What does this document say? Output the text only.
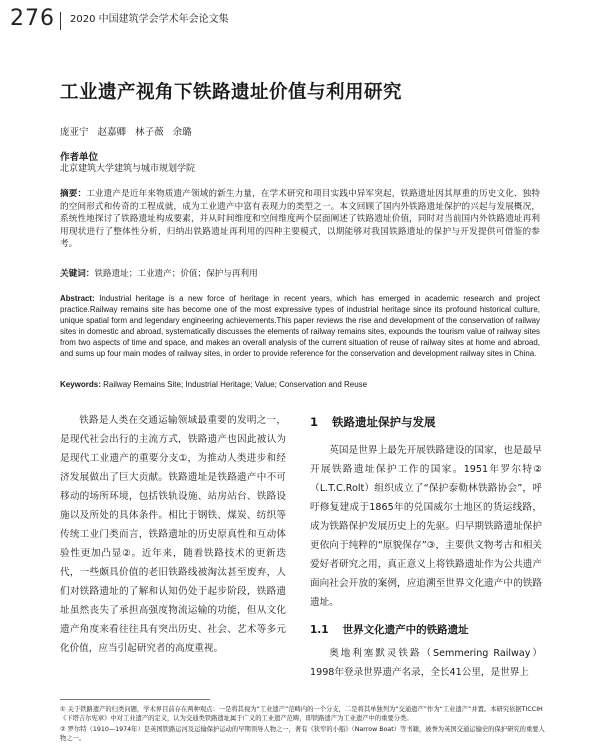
276 2020 中国建筑学会学术年会论文集
工业遗产视角下铁路遗址价值与利用研究
庞亚宁 赵嘉卿 林子薇 余璐
作者单位
北京建筑大学建筑与城市规划学院
摘要：工业遗产是近年来物质遗产领域的新生力量，在学术研究和项目实践中异军突起，铁路遗址因其厚重的历史文化、独特的空间形式和传奇的工程成就，成为工业遗产中富有表现力的类型之一。本文回顾了国内外铁路遗址保护的兴起与发展概况，系统性地探讨了铁路遗址构成要素，并从时间维度和空间维度两个层面阐述了铁路遗址价值，同时对当前国内外铁路遗址再利用现状进行了整体性分析，归纳出铁路遗址再利用的四种主要模式，以期能够对我国铁路遗址的保护与开发提供可借鉴的参考。
关键词：铁路遗址；工业遗产；价值；保护与再利用
Abstract: Industrial heritage is a new force of heritage in recent years, which has emerged in academic research and project practice.Railway remains site has become one of the most expressive types of industrial heritage since its profound historical culture, unique spatial form and legendary engineering achievements.This paper reviews the rise and development of the conservation of railway sites in domestic and abroad, systematically discusses the elements of railway remains sites, expounds the tourism value of railway sites from two aspects of time and space, and makes an overall analysis of the current situation of reuse of railway sites at home and abroad, and sums up four main modes of railway sites, in order to provide reference for the conservation and development railway sites in China.
Keywords: Railway Remains Site; Industrial Heritage; Value; Conservation and Reuse

铁路是人类在交通运输领域最重要的发明之一，是现代社会出行的主流方式，铁路遗产也因此被认为是现代工业遗产的重要分支①，为推动人类进步和经济发展做出了巨大贡献。铁路遗址是铁路遗产中不可移动的场所环境，包括铁轨设施、站房站台、铁路设施以及所处的具体条件。相比于钢铁、煤炭、纺织等传统工业门类而言，铁路遗址的历史原真性和互动体验性更加凸显②。近年来，随着铁路技术的更新迭代，一些颇具价值的老旧铁路线被淘汰甚至废弃，人们对铁路遗址的了解和认知仍处于起步阶段，铁路遗址虽然丧失了承担高强度物流运输的功能，但从文化遗产角度来看往往具有突出历史、社会、艺术等多元化价值，应当引起研究者的高度重视。

1 铁路遗址保护与发展

英国是世界上最先开展铁路建设的国家，也是最早开展铁路遗址保护工作的国家。1951年罗尔特②（L.T.C.Rolt）组织成立了“保护泰勒林铁路协会”，呼吁修复建成于1865年的兑国威尔士地区的货运线路，成为铁路保护发展历史上的先驱。归早期铁路遗址保护更依向于纯粹的“原貌保存”③，主要供文物考古和相关爱好者研究之用，真正意义上将铁路遗址作为公共遗产面向社会开放的案例，应追溯至世界文化遗产中的铁路遗址。

1.1 世界文化遗产中的铁路遗址

奥地利塞默灵铁路（Semmering Railway）1998年登录世界遗产名录，全长41公里，是世界上

① 关于铁路遗产的归类问题，学术界目前存在两种观点：一是将其视为“工业遗产”范畴内的一个分支，二是将其单独列为“交通遗产”作为“工业遗产”并置。本研究依据TICCIH《下塔吉尔宪章》中对工业遗产的定义，认为交通类铁路遗址属于广义的工业遗产范畴，即铁路遗产为工业遗产中的重要分类。

② 罗尔特（1910—1974年）是英国铁路运河及运输保护运动的早期领导人物之一，著有《狭窄的小船》（Narrow Boat）等书籍，被誉为英国交通运输史的保护研究的重要人物之一。
